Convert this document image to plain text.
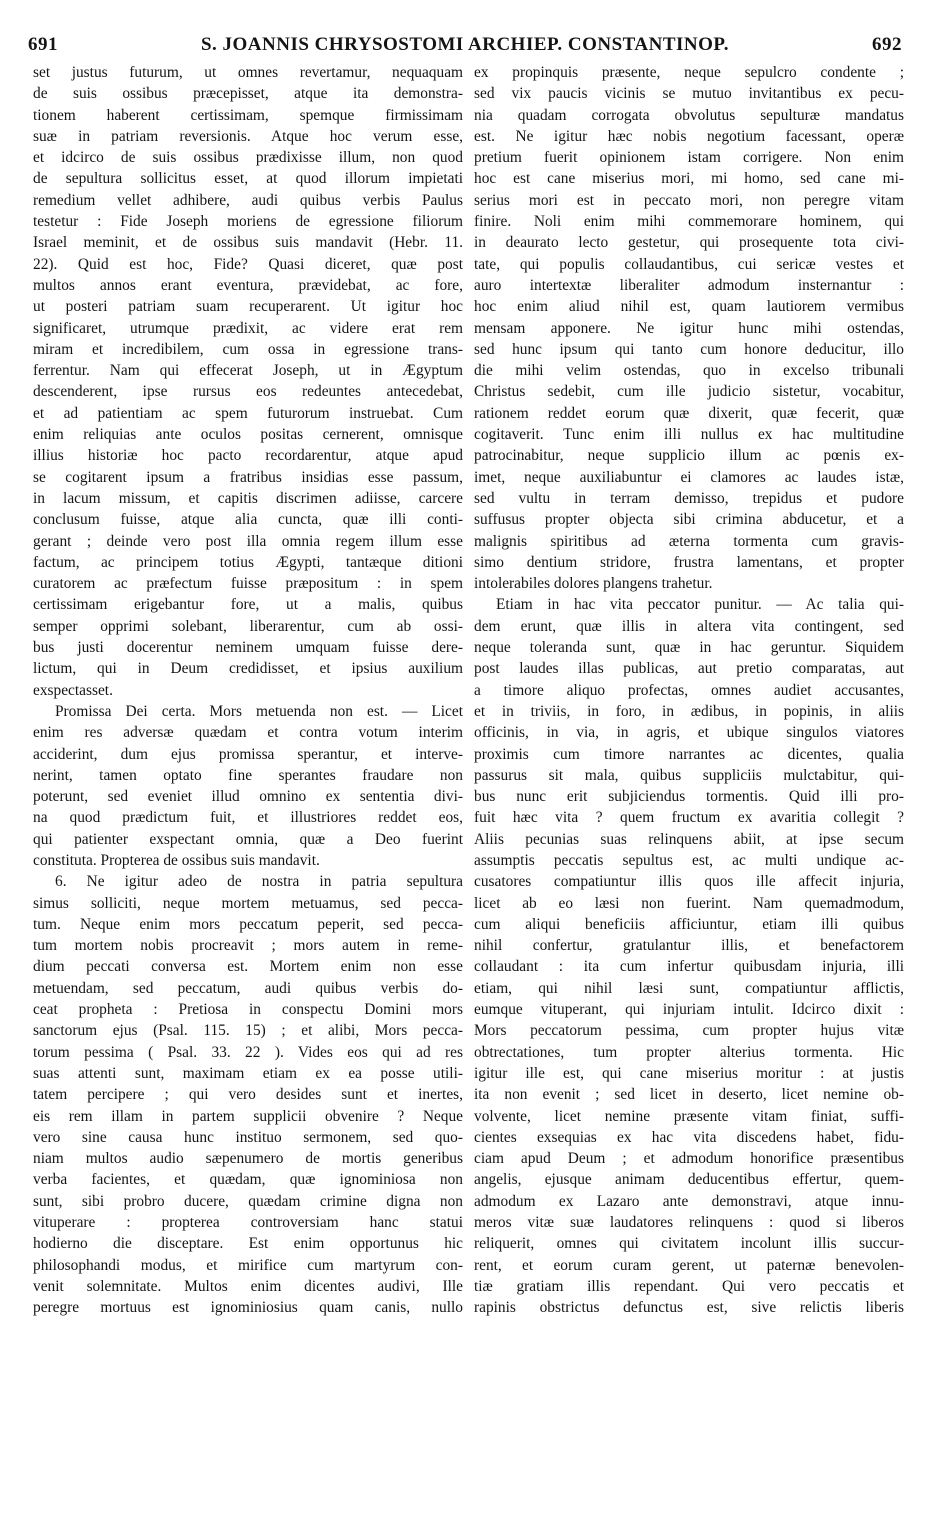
691	S. JOANNIS CHRYSOSTOMI ARCHIEP. CONSTANTINOP.	692
set justus futurum, ut omnes revertamur, nequaquam
de suis ossibus præcepisset, atque ita demonstra-
tionem haberent certissimam, spemque firmissimam
suæ in patriam reversionis. Atque hoc verum esse,
et idcirco de suis ossibus prædixisse illum, non quod
de sepultura sollicitus esset, at quod illorum impietati
remedium vellet adhibere, audi quibus verbis Paulus
testetur : Fide Joseph moriens de egressione filiorum
Israel meminit, et de ossibus suis mandavit (Hebr. 11.
22). Quid est hoc, Fide? Quasi diceret, quæ post
multos annos erant eventura, prævidebat, ac fore,
ut posteri patriam suam recuperarent. Ut igitur hoc
significaret, utrumque prædixit, ac videre erat rem
miram et incredibilem, cum ossa in egressione trans-
ferrentur. Nam qui effecerat Joseph, ut in Ægyptum
descenderent, ipse rursus eos redeuntes antecedebat,
et ad patientiam ac spem futurorum instruebat. Cum
enim reliquias ante oculos positas cernerent, omnisque
illius historiæ hoc pacto recordarentur, atque apud
se cogitarent ipsum a fratribus insidias esse passum,
in lacum missum, et capitis discrimen adiisse, carcere
conclusum fuisse, atque alia cuncta, quæ illi conti-
gerant ; deinde vero post illa omnia regem illum esse
factum, ac principem totius Ægypti, tantæque ditioni
curatorem ac præfectum fuisse præpositum : in spem
certissimam erigebantur fore, ut a malis, quibus
semper opprimi solebant, liberarentur, cum ab ossi-
bus justi docerentur neminem umquam fuisse dere-
lictum, qui in Deum credidisset, et ipsius auxilium
exspectasset.
Promissa Dei certa. Mors metuenda non est. — Licet
enim res adversæ quædam et contra votum interim
acciderint, dum ejus promissa sperantur, et interve-
nerint, tamen optato fine sperantes fraudare non
poterunt, sed eveniet illud omnino ex sententia divi-
na quod prædictum fuit, et illustriores reddet eos,
qui patienter exspectant omnia, quæ a Deo fuerint
constituta. Propterea de ossibus suis mandavit.
6. Ne igitur adeo de nostra in patria sepultura
simus solliciti, neque mortem metuamus, sed pecca-
tum. Neque enim mors peccatum peperit, sed pecca-
tum mortem nobis procreavit ; mors autem in reme-
dium peccati conversa est. Mortem enim non esse
metuendam, sed peccatum, audi quibus verbis do-
ceat propheta : Pretiosa in conspectu Domini mors
sanctorum ejus (Psal. 115. 15) ; et alibi, Mors pecca-
torum pessima ( Psal. 33. 22 ). Vides eos qui ad res
suas attenti sunt, maximam etiam ex ea posse utili-
tatem percipere ; qui vero desides sunt et inertes,
eis rem illam in partem supplicii obvenire ? Neque
vero sine causa hunc instituo sermonem, sed quo-
niam multos audio sæpenumero de mortis generibus
verba facientes, et quædam, quæ ignominiosa non
sunt, sibi probro ducere, quædam crimine digna non
vituperare : propterea controversiam hanc statui
hodierno die disceptare. Est enim opportunus hic
philosophandi modus, et mirifice cum martyrum con-
venit solemnitate. Multos enim dicentes audivi, Ille
peregre mortuus est ignominiosius quam canis, nullo
ex propinquis præsente, neque sepulcro condente ;
sed vix paucis vicinis se mutuo invitantibus ex pecu-
nia quadam corrogata obvolutus sepulturæ mandatus
est. Ne igitur hæc nobis negotium facessant, operæ
pretium fuerit opinionem istam corrigere. Non enim
hoc est cane miserius mori, mi homo, sed cane mi-
serius mori est in peccato mori, non peregre vitam
finire. Noli enim mihi commemorare hominem, qui
in deaurato lecto gestetur, qui prosequente tota civi-
tate, qui populis collaudantibus, cui sericæ vestes et
auro intertextæ liberaliter admodum insternantur :
hoc enim aliud nihil est, quam lautiorem vermibus
mensam apponere. Ne igitur hunc mihi ostendas,
sed hunc ipsum qui tanto cum honore deducitur, illo
die mihi velim ostendas, quo in excelso tribunali
Christus sedebit, cum ille judicio sistetur, vocabitur,
rationem reddet eorum quæ dixerit, quæ fecerit, quæ
cogitaverit. Tunc enim illi nullus ex hac multitudine
patrocinabitur, neque supplicio illum ac pœnis ex-
imet, neque auxiliabuntur ei clamores ac laudes istæ,
sed vultu in terram demisso, trepidus et pudore
suffusus propter objecta sibi crimina abducetur, et a
malignis spiritibus ad æterna tormenta cum gravis-
simo dentium stridore, frustra lamentans, et propter
intolerabiles dolores plangens trahetur.
Etiam in hac vita peccator punitur. — Ac talia qui-
dem erunt, quæ illis in altera vita contingent, sed
neque toleranda sunt, quæ in hac geruntur. Siquidem
post laudes illas publicas, aut pretio comparatas, aut
a timore aliquo profectas, omnes audiet accusantes,
et in triviis, in foro, in ædibus, in popinis, in aliis
officinis, in via, in agris, et ubique singulos viatores
proximis cum timore narrantes ac dicentes, qualia
passurus sit mala, quibus suppliciis mulctabitur, qui-
bus nunc erit subjiciendus tormentis. Quid illi pro-
fuit hæc vita ? quem fructum ex avaritia collegit ?
Aliis pecunias suas relinquens abiit, at ipse secum
assumptis peccatis sepultus est, ac multi undique ac-
cusatores compatiuntur illis quos ille affecit injuria,
licet ab eo læsi non fuerint. Nam quemadmodum,
cum aliqui beneficiis afficiuntur, etiam illi quibus
nihil confertur, gratulantur illis, et benefactorem
collaudant : ita cum infertur quibusdam injuria, illi
etiam, qui nihil læsi sunt, compatiuntur afflictis,
eumque vituperant, qui injuriam intulit. Idcirco dixit :
Mors peccatorum pessima, cum propter hujus vitæ
obtrectationes, tum propter alterius tormenta. Hic
igitur ille est, qui cane miserius moritur : at justis
ita non evenit ; sed licet in deserto, licet nemine ob-
volvente, licet nemine præsente vitam finiat, suffi-
cientes exsequias ex hac vita discedens habet, fidu-
ciam apud Deum ; et admodum honorifice præsentibus
angelis, ejusque animam deducentibus effertur, quem-
admodum ex Lazaro ante demonstravi, atque innu-
meros vitæ suæ laudatores relinquens : quod si liberos
reliquerit, omnes qui civitatem incolunt illis succur-
rent, et eorum curam gerent, ut paternæ benevolen-
tiæ gratiam illis rependant. Qui vero peccatis et
rapinis obstrictus defunctus est, sive relictis liberis
